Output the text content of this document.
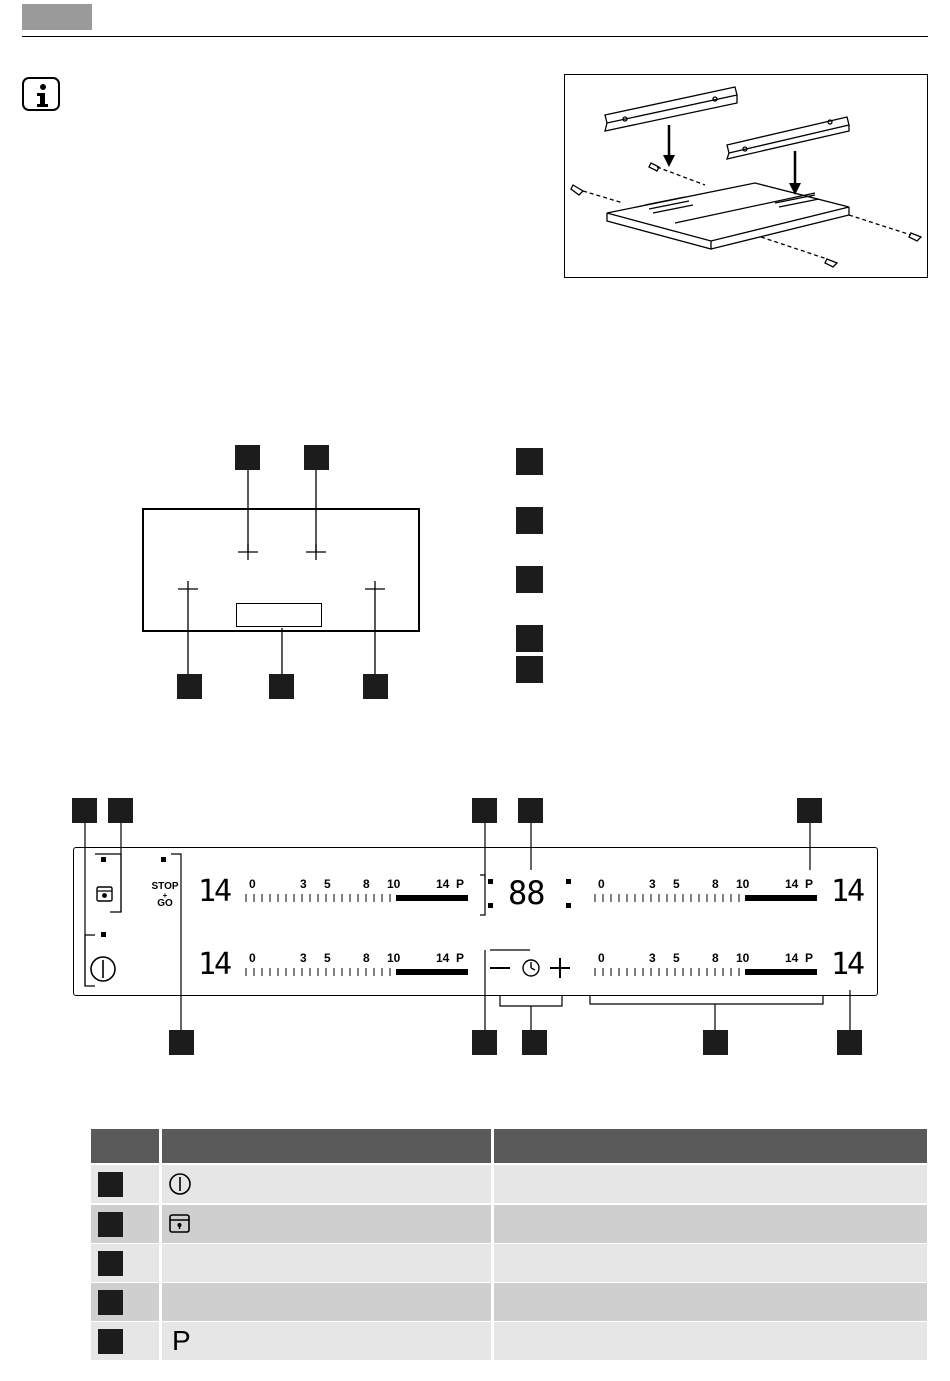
14
14
14
14
88
STOP
+
GO
0	3 5	8 10	14 P
0	3 5	8 10	14 P
0	3 5	8 10	14 P
0	3 5	8 10	14 P
P
